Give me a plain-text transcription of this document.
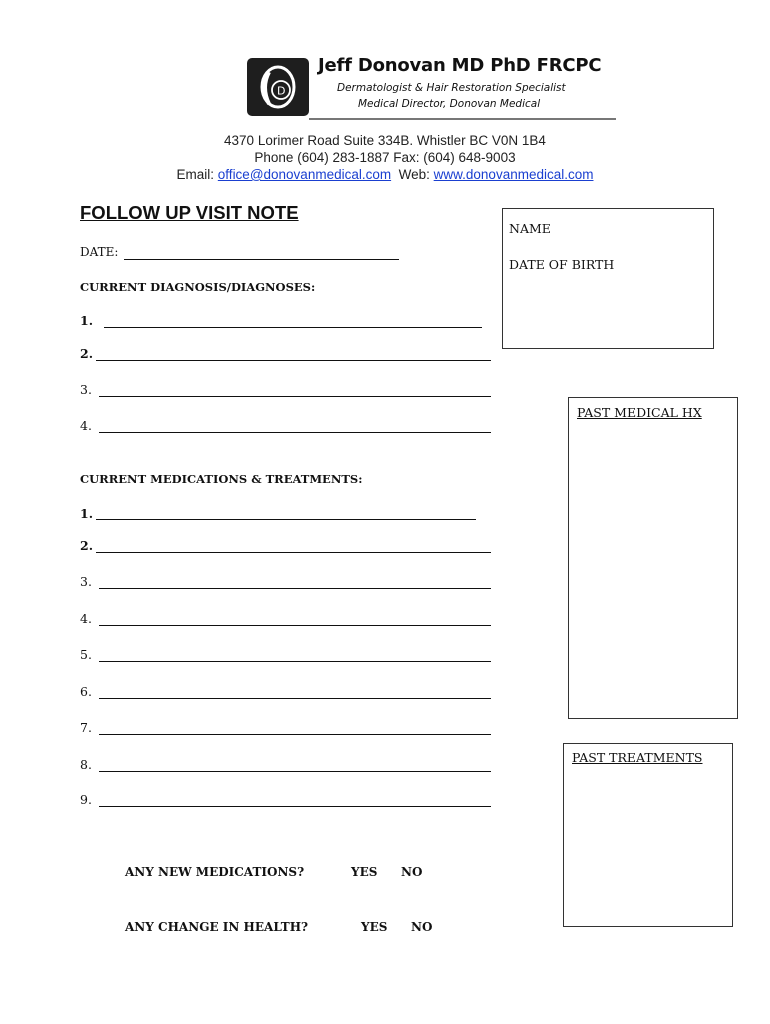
D
Jeff Donovan MD PhD FRCPC
Dermatologist & Hair Restoration Specialist
Medical Director, Donovan Medical
4370 Lorimer Road Suite 334B. Whistler BC V0N 1B4
Phone (604) 283-1887 Fax: (604) 648-9003
Email: office@donovanmedical.com Web: www.donovanmedical.com
FOLLOW UP VISIT NOTE
DATE:
CURRENT DIAGNOSIS/DIAGNOSES:
1.
2.
3.
4.
CURRENT MEDICATIONS & TREATMENTS:
1.
2.
3.
4.
5.
6.
7.
8.
9.
ANY NEW MEDICATIONS?	YES NO
ANY CHANGE IN HEALTH?	YES NO
NAME
DATE OF BIRTH
PAST MEDICAL HX
PAST TREATMENTS
